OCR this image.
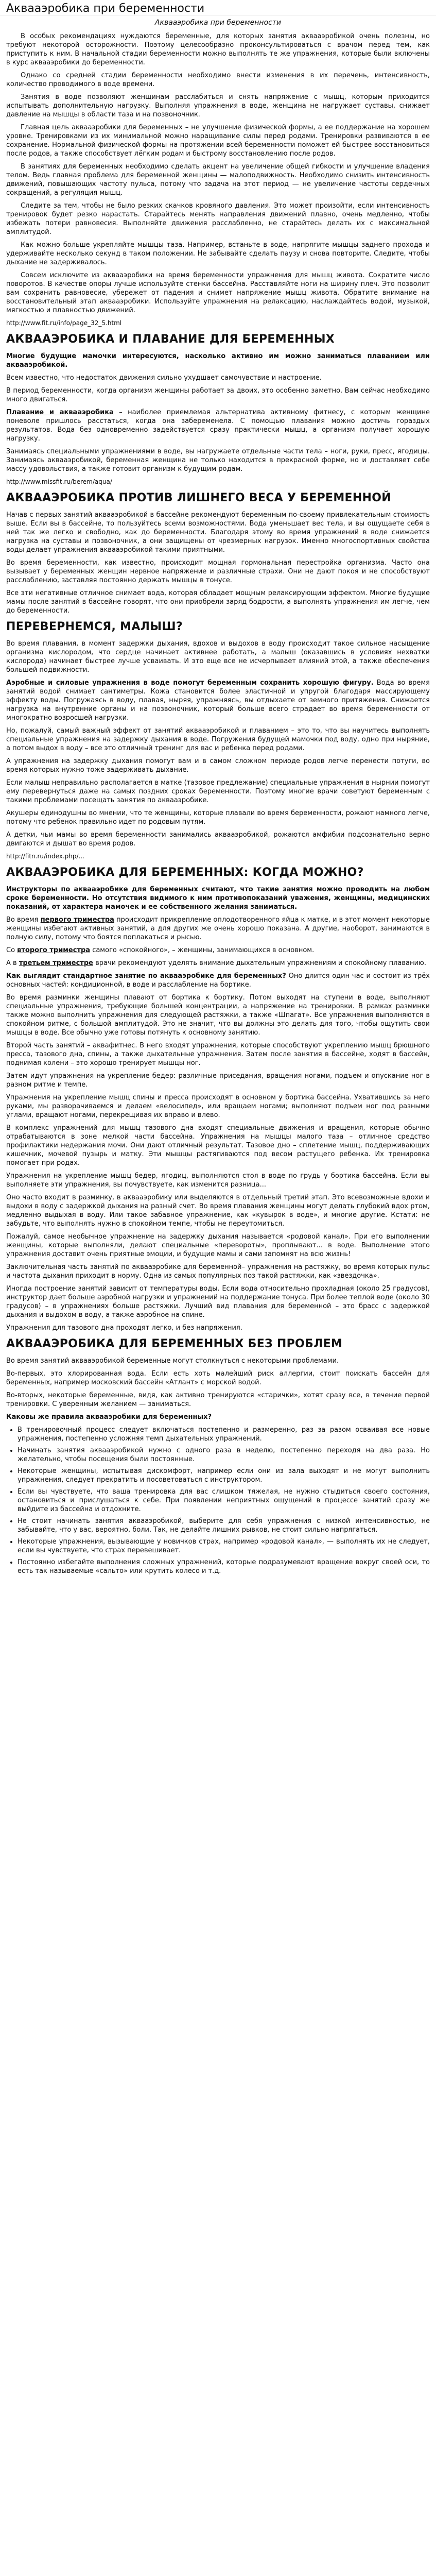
Аквааэробика при беременности
Аквааэробика при беременности

В особых рекомендациях нуждаются беременные, для которых занятия аквааэробикой очень полезны, но требуют некоторой осторожности. Поэтому целесообразно проконсультироваться с врачом перед тем, как приступить к ним. В начальной стадии беременности можно выполнять те же упражнения, которые были включены в курс аквааэробики до беременности.

Однако со средней стадии беременности необходимо внести изменения в их перечень, интенсивность, количество проводимого в воде времени.

Занятия в воде позволяют женщинам расслабиться и снять напряжение с мышц, которым приходится испытывать дополнительную нагрузку. Выполняя упражнения в воде, женщина не нагружает суставы, снижает давление на мышцы в области таза и на позвоночник.

Главная цель аквааэробики для беременных – не улучшение физической формы, а ее поддержание на хорошем уровне. Тренировками из их минимальной можно наращивание силы перед родами. Тренировки развиваются в ее сохранение. Нормальной физической формы на протяжении всей беременности поможет ей быстрее восстановиться после родов, а также способствует лёгким родам и быстрому восстановлению после родов.

В занятиях для беременных необходимо сделать акцент на увеличение общей гибкости и улучшение владения телом. Ведь главная проблема для беременной женщины — малоподвижность. Необходимо снизить интенсивность движений, повышающих частоту пульса, потому что задача на этот период — не увеличение частоты сердечных сокращений, а регуляция мышц.

Следите за тем, чтобы не было резких скачков кровяного давления. Это может произойти, если интенсивность тренировок будет резко нарастать. Старайтесь менять направления движений плавно, очень медленно, чтобы избежать потери равновесия. Выполняйте движения расслабленно, не старайтесь делать их с максимальной амплитудой.

Как можно больше укрепляйте мышцы таза. Например, встаньте в воде, напрягите мышцы заднего прохода и удерживайте несколько секунд в таком положении. Не забывайте сделать паузу и снова повторите. Следите, чтобы дыхание не задерживалось.

Совсем исключите из аквааэробики на время беременности упражнения для мышц живота. Сократите число поворотов. В качестве опоры лучше используйте стенки бассейна. Расставляйте ноги на ширину плеч. Это позволит вам сохранить равновесие, убережет от падения и снимет напряжение мышц живота. Обратите внимание на восстановительный этап аквааэробики. Используйте упражнения на релаксацию, наслаждайтесь водой, музыкой, мягкостью и плавностью движений.

http://www.fit.ru/info/page_32_5.html

АКВААЭРОБИКА И ПЛАВАНИЕ ДЛЯ БЕРЕМЕННЫХ

Многие будущие мамочки интересуются, насколько активно им можно заниматься плаванием или аквааэробикой.

Всем известно, что недостаток движения сильно ухудшает самочувствие и настроение.

В период беременности, когда организм женщины работает за двоих, это особенно заметно. Вам сейчас необходимо много двигаться.

Плавание и аквааэробика – наиболее приемлемая альтернатива активному фитнесу, с которым женщине поневоле пришлось расстаться, когда она забеременела. С помощью плавания можно достичь гораздых результатов. Вода без одновременно задействуется сразу практически мышц, а организм получает хорошую нагрузку.

Занимаясь специальными упражнениями в воде, вы нагружаете отдельные части тела – ноги, руки, пресс, ягодицы. Занимаясь аквааэробикой, беременная женщина не только находится в прекрасной форме, но и доставляет себе массу удовольствия, а также готовит организм к будущим родам.

http://www.missfit.ru/berem/aqua/

АКВААЭРОБИКА ПРОТИВ ЛИШНЕГО ВЕСА У БЕРЕМЕННОЙ

Начав с первых занятий аквааэробикой в бассейне рекомендуют беременным по-своему привлекательным стоимость выше. Если вы в бассейне, то пользуйтесь всеми возможностями. Вода уменьшает вес тела, и вы ощущаете себя в ней так же легко и свободно, как до беременности. Благодаря этому во время упражнений в воде снижается нагрузка на суставы и позвоночник, а они защищены от чрезмерных нагрузок. Именно многоспортивных свойства воды делает упражнения аквааэробикой такими приятными.

Во время беременности, как известно, происходит мощная гормональная перестройка организма. Часто она вызывает у беременных женщин нервное напряжение и различные страхи. Они не дают покоя и не способствуют расслаблению, заставляя постоянно держать мышцы в тонусе.

Все эти негативные отличное снимает вода, которая обладает мощным релаксирующим эффектом. Многие будущие мамы после занятий в бассейне говорят, что они приобрели заряд бодрости, а выполнять упражнения им легче, чем до беременности.

ПЕРЕВЕРНЕМСЯ, МАЛЫШ?

Во время плавания, в момент задержки дыхания, вдохов и выдохов в воду происходит такое сильное насыщение организма кислородом, что сердце начинает активнее работать, а малыш (оказавшись в условиях нехватки кислорода) начинает быстрее лучше усваивать. И это еще все не исчерпывает влияний этой, а также обеспечения большей подвижности.

Аэробные и силовые упражнения в воде помогут беременным сохранить хорошую фигуру. Вода во время занятий водой снимает сантиметры. Кожа становится более эластичной и упругой благодаря массирующему эффекту воды. Погружаясь в воду, плавая, ныряя, упражняясь, вы отдыхаете от земного притяжения. Снижается нагрузка на внутренние органы и на позвоночник, который больше всего страдает во время беременности от многократно возросшей нагрузки.

Но, пожалуй, самый важный эффект от занятий аквааэробикой и плаванием – это то, что вы научитесь выполнять специальные упражнения на задержку дыхания в воде. Погружения будущей мамочки под воду, одно при ныряние, а потом выдох в воду – все это отличный тренинг для вас и ребенка перед родами.

А упражнения на задержку дыхания помогут вам и в самом сложном периоде родов легче перенести потуги, во время которых нужно тоже задерживать дыхание.

Если малыш неправильно располагается в матке (тазовое предлежание) специальные упражнения в нырнии помогут ему перевернуться даже на самых поздних сроках беременности. Поэтому многие врачи советуют беременным с такими проблемами посещать занятия по аквааэробике.

Акушеры единодушны во мнении, что те женщины, которые плавали во время беременности, рожают намного легче, потому что ребенок правильно идет по родовым путям.

А детки, чьи мамы во время беременности занимались аквааэробикой, рожаются амфибии подсознательно верно двигаются и дышат во время родов.

http://fitn.ru/index.php/...

АКВААЭРОБИКА ДЛЯ БЕРЕМЕННЫХ: КОГДА МОЖНО?

Инструкторы по аквааэробике для беременных считают, что такие занятия можно проводить на любом сроке беременности. Но отсутствия видимого к ним противопоказаний уважения, женщины, медицинских показаний, от характера мамочек и ее собственного желания заниматься.

Во время первого триместра происходит прикрепление оплодотворенного яйца к матке, и в этот момент некоторые женщины избегают активных занятий, а для других же очень хорошо показана. А другие, наоборот, занимаются в полную силу, потому что боятся поплакаться и рысью.

Со второго триместра самого «спокойного», – женщины, занимающихся в основном.

А в третьем триместре врачи рекомендуют уделять внимание дыхательным упражнениям и спокойному плаванию.

Как выглядит стандартное занятие по аквааэробике для беременных? Оно длится один час и состоит из трёх основных частей: кондиционной, в воде и расслабление на бортике.

Во время разминки женщины плавают от бортика к бортику. Потом выходят на ступени в воде, выполняют специальные упражнения, требующие большей концентрации, а напряжение на тренировки. В рамках разминки также можно выполнить упражнения для следующей растяжки, а также «Шпагат». Все упражнения выполняются в спокойном ритме, с большой амплитудой. Это не значит, что вы должны это делать для того, чтобы ощутить свои мышцы в воде. Все обычно уже готовы потянуть к основному занятию.

Второй часть занятий – аквафитнес. В него входят упражнения, которые способствуют укреплению мышц брюшного пресса, тазового дна, спины, а также дыхательные упражнения. Затем после занятия в бассейне, ходят в бассейн, поднимая колени – это хорошо тренирует мышцы ног.

Затем идут упражнения на укрепление бедер: различные приседания, вращения ногами, подъем и опускание ног в разном ритме и темпе.

Упражнения на укрепление мышц спины и пресса происходят в основном у бортика бассейна. Ухватившись за него руками, мы разворачиваемся и делаем «велосипед», или вращаем ногами; выполняют подъем ног под разными углами, вращают ногами, перекрещивая их вправо и влево.

В комплекс упражнений для мышц тазового дна входят специальные движения и вращения, которые обычно отрабатываются в зоне мелкой части бассейна. Упражнения на мышцы малого таза – отличное средство профилактики недержания мочи. Они дают отличный результат. Тазовое дно – сплетение мышц, поддерживающих кишечник, мочевой пузырь и матку. Эти мышцы растягиваются под весом растущего ребенка. Их тренировка помогает при родах.

Упражнения на укрепление мышц бедер, ягодиц, выполняются стоя в воде по грудь у бортика бассейна. Если вы выполняете эти упражнения, вы почувствуете, как изменится разница...

Оно часто входит в разминку, в аквааэробику или выделяются в отдельный третий этап. Это всевозможные вдохи и выдохи в воду с задержкой дыхания на разный счет. Во время плавания женщины могут делать глубокий вдох ртом, медленно выдыхая в воду. Или такое забавное упражнение, как «кувырок в воде», и многие другие. Кстати: не забудьте, что выполнять нужно в спокойном темпе, чтобы не переутомиться.

Пожалуй, самое необычное упражнение на задержку дыхания называется «родовой канал». При его выполнении женщины, которые выполняли, делают специальные «перевороты», проплывают... в воде. Выполнение этого упражнения доставит очень приятные эмоции, и будущие мамы и сами запомнят на всю жизнь!

Заключительная часть занятий по аквааэробике для беременной– упражнения на растяжку, во время которых пульс и частота дыхания приходит в норму. Одна из самых популярных поз такой растяжки, как «звездочка».

Иногда построение занятий зависит от температуры воды. Если вода относительно прохладная (около 25 градусов), инструктор дает больше аэробной нагрузки и упражнений на поддержание тонуса. При более теплой воде (около 30 градусов) – в упражнениях больше растяжки. Лучший вид плавания для беременной – это брасс с задержкой дыхания и выдохом в воду, а также аэробное на спине.

Упражнения для тазового дна проходят легко, и без напряжения.

АКВААЭРОБИКА ДЛЯ БЕРЕМЕННЫХ БЕЗ ПРОБЛЕМ

Во время занятий аквааэробикой беременные могут столкнуться с некоторыми проблемами.

Во-первых, это хлорированная вода. Если есть хоть малейший риск аллергии, стоит поискать бассейн для беременных, например московский бассейн «Атлант» с морской водой.

Во-вторых, некоторые беременные, видя, как активно тренируются «старички», хотят сразу все, в течение первой тренировки. С уверенным желанием — заниматься.

Каковы же правила аквааэробики для беременных?

• В тренировочный процесс следует включаться постепенно и размеренно, раз за разом осваивая все новые упражнения, постепенно усложняя темп дыхательных упражнений.
• Начинать занятия аквааэробикой нужно с одного раза в неделю, постепенно переходя на два раза. Но желательно, чтобы посещения были постоянные.
• Некоторые женщины, испытывая дискомфорт, например если они из зала выходят и не могут выполнить упражнения, следует прекратить и посоветоваться с инструктором.
• Если вы чувствуете, что ваша тренировка для вас слишком тяжелая, не нужно стыдиться своего состояния, остановиться и прислушаться к себе. При появлении неприятных ощущений в процессе занятий сразу же выйдите из бассейна и отдохните.
• Не стоит начинать занятия аквааэробикой, выберите для себя упражнения с низкой интенсивностью, не забывайте, что у вас, вероятно, боли. Так, не делайте лишних рывков, не стоит сильно напрягаться.
• Некоторые упражнения, вызывающие у новичков страх, например «родовой канал», — выполнять их не следует, если вы чувствуете, что страх перевешивает.
• Постоянно избегайте выполнения сложных упражнений, которые подразумевают вращение вокруг своей оси, то есть так называемые «сальто» или крутить колесо и т.д.
